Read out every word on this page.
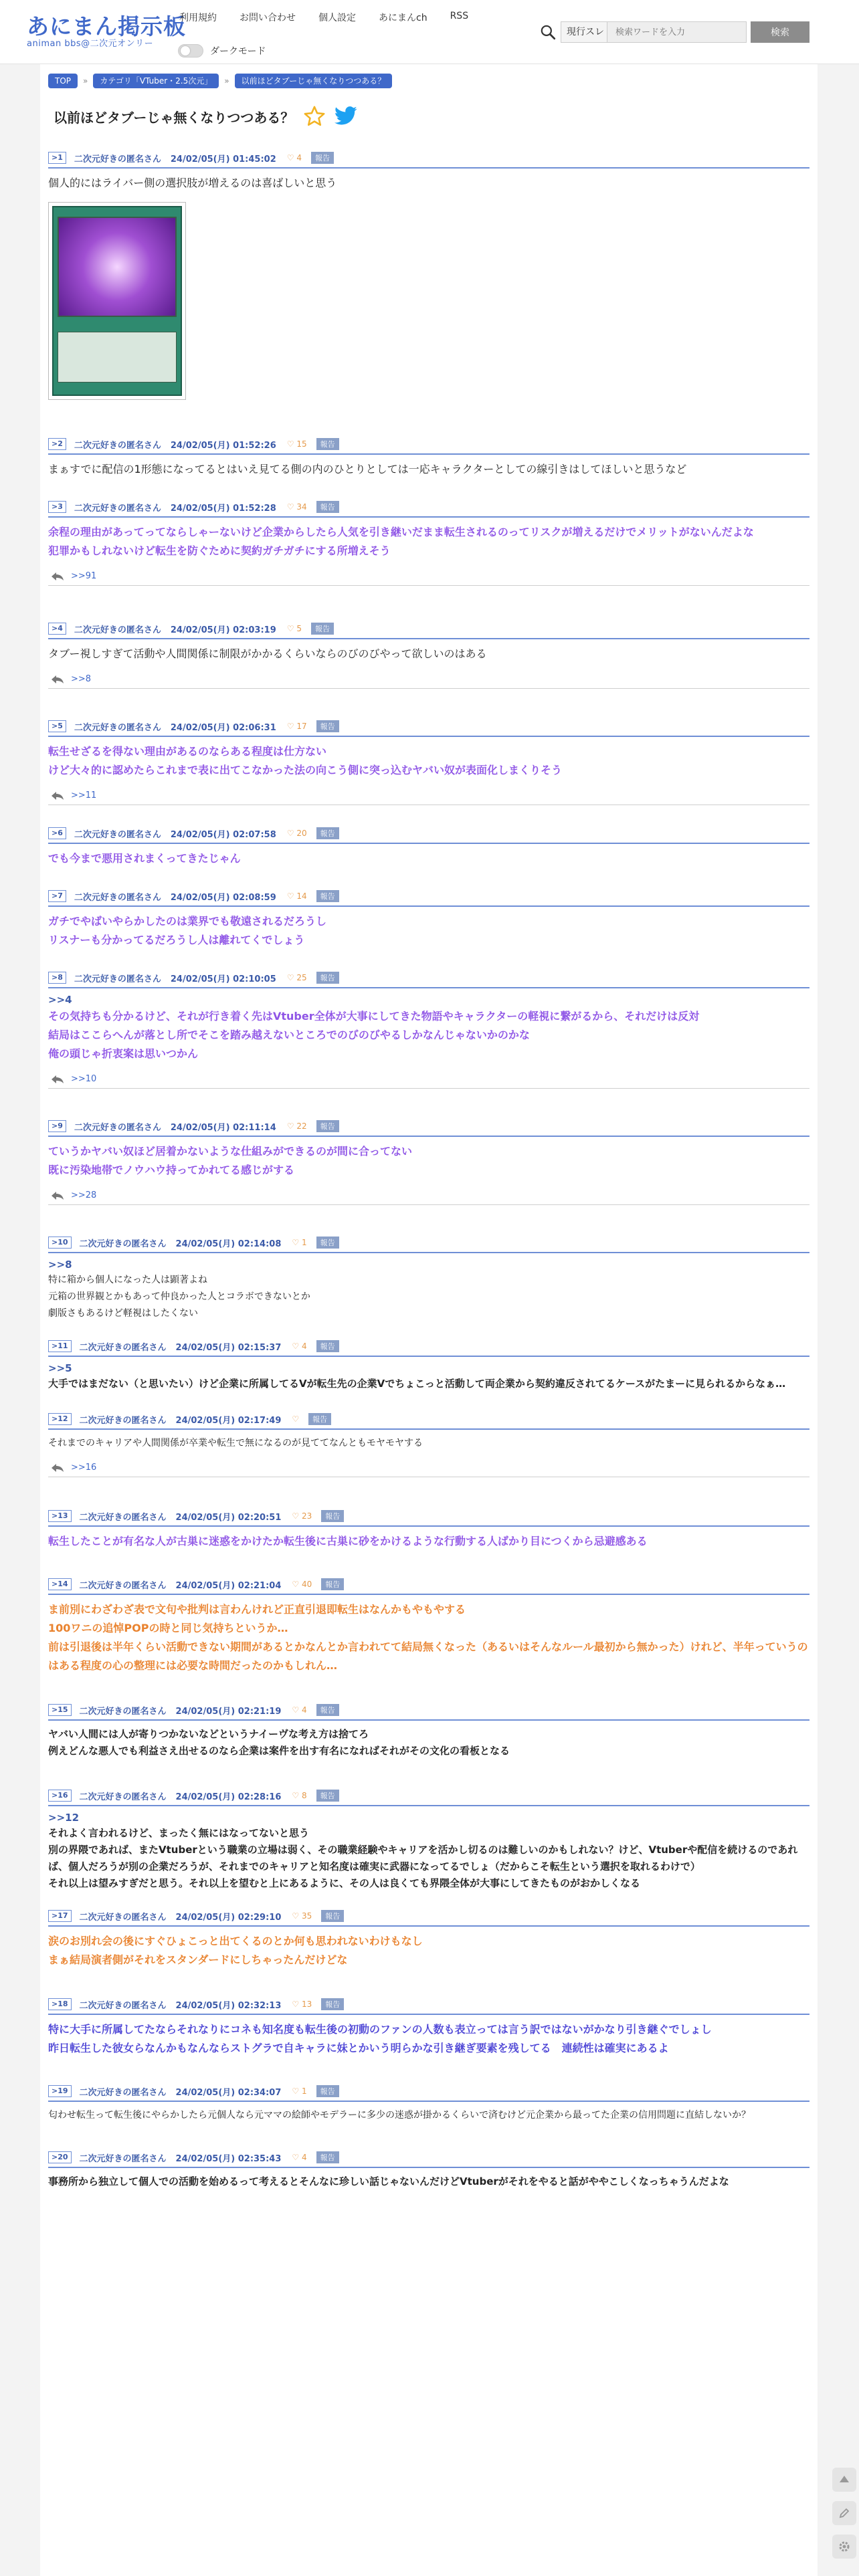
あにまん掲示板
animan bbs@二次元オンリー
利用規約 お問い合わせ 個人設定 あにまんch RSS
ダークモード
現行スレ
検索ワードを入力	検索
TOP	»	カテゴリ「VTuber・2.5次元」	»	以前ほどタブーじゃ無くなりつつある？
以前ほどタブーじゃ無くなりつつある？
>1	二次元好きの匿名さん 24/02/05(月) 01:45:02 ♡ 4	報告
個人的にはライバー側の選択肢が増えるのは喜ばしいと思う
>2	二次元好きの匿名さん 24/02/05(月) 01:52:26 ♡ 15	報告
まぁすでに配信の1形態になってるとはいえ見てる側の内のひとりとしては一応キャラクターとしての線引きはしてほしいと思うなど
>3	二次元好きの匿名さん 24/02/05(月) 01:52:28 ♡ 34	報告
余程の理由があってってならしゃーないけど企業からしたら人気を引き継いだまま転生されるのってリスクが増えるだけでメリットがないんだよな
犯罪かもしれないけど転生を防ぐために契約ガチガチにする所増えそう
>>91
>4	二次元好きの匿名さん 24/02/05(月) 02:03:19 ♡ 5	報告
タブー視しすぎて活動や人間関係に制限がかかるくらいならのびのびやって欲しいのはある
>>8
>5	二次元好きの匿名さん 24/02/05(月) 02:06:31 ♡ 17	報告
転生せざるを得ない理由があるのならある程度は仕方ない
けど大々的に認めたらこれまで表に出てこなかった法の向こう側に突っ込むヤバい奴が表面化しまくりそう
>>11
>6	二次元好きの匿名さん 24/02/05(月) 02:07:58 ♡ 20	報告
でも今まで悪用されまくってきたじゃん
>7	二次元好きの匿名さん 24/02/05(月) 02:08:59 ♡ 14	報告
ガチでやばいやらかしたのは業界でも敬遠されるだろうし
リスナーも分かってるだろうし人は離れてくでしょう
>8	二次元好きの匿名さん 24/02/05(月) 02:10:05 ♡ 25	報告
>>4
その気持ちも分かるけど、それが行き着く先はVtuber全体が大事にしてきた物語やキャラクターの軽視に繋がるから、それだけは反対
結局はここらへんが落とし所でそこを踏み越えないところでのびのびやるしかなんじゃないかのかな
俺の頭じゃ折衷案は思いつかん
>>10
>9	二次元好きの匿名さん 24/02/05(月) 02:11:14 ♡ 22	報告
ていうかヤバい奴ほど居着かないような仕組みができるのが間に合ってない
既に汚染地帯でノウハウ持ってかれてる感じがする
>>28
>10	二次元好きの匿名さん 24/02/05(月) 02:14:08 ♡ 1	報告
>>8
特に箱から個人になった人は顕著よね
元箱の世界観とかもあって仲良かった人とコラボできないとか
劇版さもあるけど軽視はしたくない
>11	二次元好きの匿名さん 24/02/05(月) 02:15:37 ♡ 4	報告
>>5
大手ではまだない（と思いたい）けど企業に所属してるVが転生先の企業Vでちょこっと活動して両企業から契約違反されてるケースがたまーに見られるからなぁ…
>12	二次元好きの匿名さん 24/02/05(月) 02:17:49 ♡	報告
それまでのキャリアや人間関係が卒業や転生で無になるのが見ててなんともモヤモヤする
>>16
>13	二次元好きの匿名さん 24/02/05(月) 02:20:51 ♡ 23	報告
転生したことが有名な人が古巣に迷惑をかけたか転生後に古巣に砂をかけるような行動する人ばかり目につくから忌避感ある
>14	二次元好きの匿名さん 24/02/05(月) 02:21:04 ♡ 40	報告
ま前別にわざわざ表で文句や批判は言わんけれど正直引退即転生はなんかもやもやする
100ワニの追悼POPの時と同じ気持ちというか…
前は引退後は半年くらい活動できない期間があるとかなんとか言われてて結局無くなった（あるいはそんなルール最初から無かった）けれど、半年っていうのはある程度の心の整理には必要な時間だったのかもしれん…
>15	二次元好きの匿名さん 24/02/05(月) 02:21:19 ♡ 4	報告
ヤバい人間には人が寄りつかないなどというナイーヴな考え方は捨てろ
例えどんな悪人でも利益さえ出せるのなら企業は案件を出す有名になればそれがその文化の看板となる
>16	二次元好きの匿名さん 24/02/05(月) 02:28:16 ♡ 8	報告
>>12
それよく言われるけど、まったく無にはなってないと思う
別の界隈であれば、またVtuberという職業の立場は弱く、その職業経験やキャリアを活かし切るのは難しいのかもしれない？けど、Vtuberや配信を続けるのであれば、個人だろうが別の企業だろうが、それまでのキャリアと知名度は確実に武器になってるでしょ（だからこそ転生という選択を取れるわけで）
それ以上は望みすぎだと思う。それ以上を望むと上にあるように、その人は良くても界隈全体が大事にしてきたものがおかしくなる
>17	二次元好きの匿名さん 24/02/05(月) 02:29:10 ♡ 35	報告
涙のお別れ会の後にすぐひょこっと出てくるのとか何も思われないわけもなし
まぁ結局演者側がそれをスタンダードにしちゃったんだけどな
>18	二次元好きの匿名さん 24/02/05(月) 02:32:13 ♡ 13	報告
特に大手に所属してたならそれなりにコネも知名度も転生後の初動のファンの人数も表立っては言う訳ではないがかなり引き継ぐでしょし
昨日転生した彼女らなんかもなんならストグラで自キャラに妹とかいう明らかな引き継ぎ要素を残してる　連続性は確実にあるよ
>19	二次元好きの匿名さん 24/02/05(月) 02:34:07 ♡ 1	報告
匂わせ転生って転生後にやらかしたら元個人なら元ママの絵師やモデラーに多少の迷惑が掛かるくらいで済むけど元企業から最ってた企業の信用問題に直結しないか？
>20	二次元好きの匿名さん 24/02/05(月) 02:35:43 ♡ 4	報告
事務所から独立して個人での活動を始めるって考えるとそんなに珍しい話じゃないんだけどVtuberがそれをやると話がややこしくなっちゃうんだよな
